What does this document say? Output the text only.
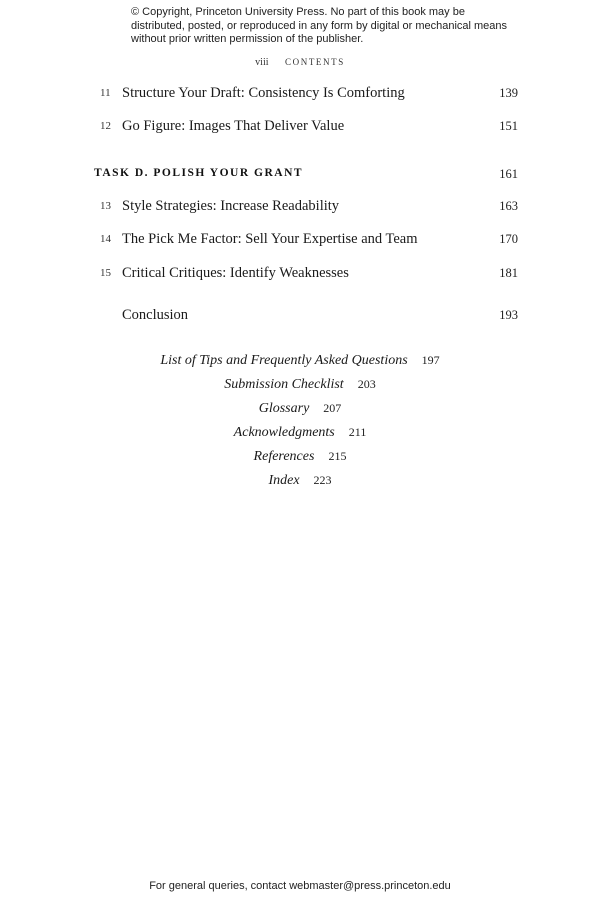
© Copyright, Princeton University Press. No part of this book may be distributed, posted, or reproduced in any form by digital or mechanical means without prior written permission of the publisher.
viii CONTENTS
11 Structure Your Draft: Consistency Is Comforting	139
12 Go Figure: Images That Deliver Value	151
TASK D. POLISH YOUR GRANT	161
13 Style Strategies: Increase Readability	163
14 The Pick Me Factor: Sell Your Expertise and Team	170
15 Critical Critiques: Identify Weaknesses	181
Conclusion	193
List of Tips and Frequently Asked Questions 197
Submission Checklist 203
Glossary 207
Acknowledgments 211
References 215
Index 223
For general queries, contact webmaster@press.princeton.edu
